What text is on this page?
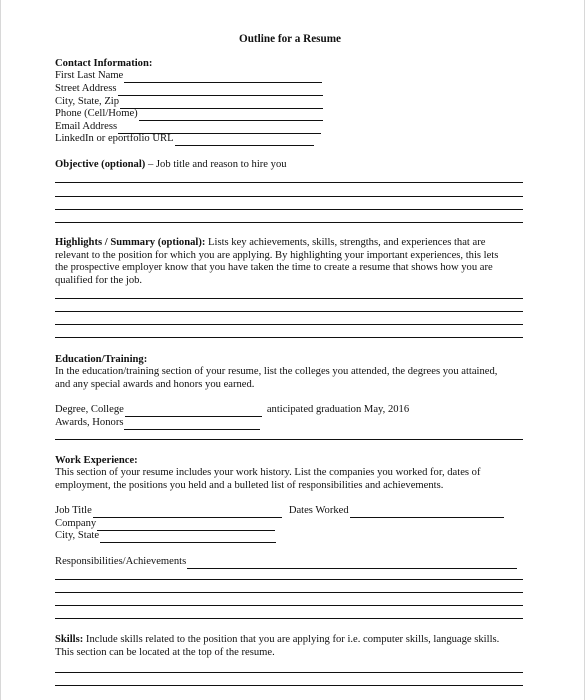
Outline for a Resume
Contact Information:
First Last Name
Street Address
City, State, Zip
Phone (Cell/Home)
Email Address
LinkedIn or eportfolio URL
Objective (optional) – Job title and reason to hire you
Highlights / Summary (optional): Lists key achievements, skills, strengths, and experiences that are
relevant to the position for which you are applying. By highlighting your important experiences, this lets
the prospective employer know that you have taken the time to create a resume that shows how you are
qualified for the job.
Education/Training:
In the education/training section of your resume, list the colleges you attended, the degrees you attained,
and any special awards and honors you earned.
Degree, College	anticipated graduation May, 2016
Awards, Honors
Work Experience:
This section of your resume includes your work history. List the companies you worked for, dates of
employment, the positions you held and a bulleted list of responsibilities and achievements.
Job Title	Dates Worked
Company
City, State
Responsibilities/Achievements
Skills: Include skills related to the position that you are applying for i.e. computer skills, language skills.
This section can be located at the top of the resume.
